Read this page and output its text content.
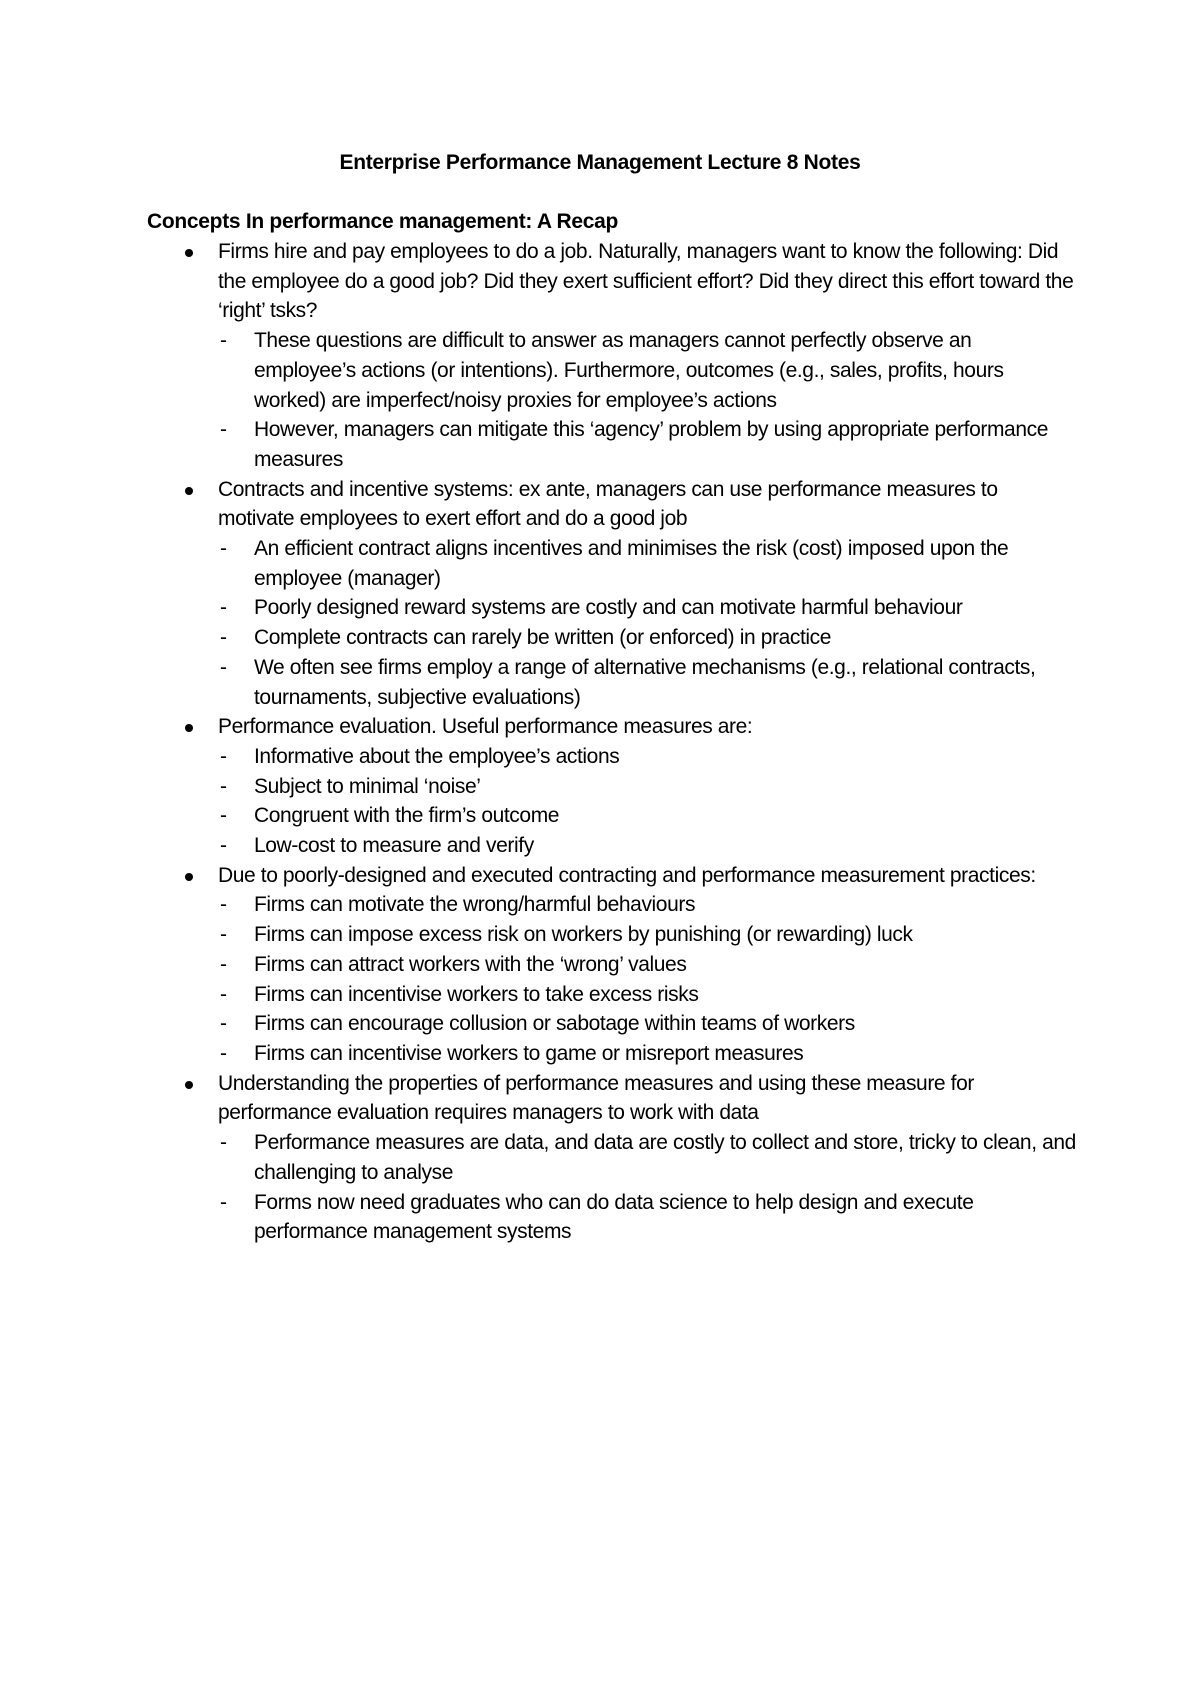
Enterprise Performance Management Lecture 8 Notes

Concepts In performance management: A Recap

Firms hire and pay employees to do a job. Naturally, managers want to know the following: Did the employee do a good job? Did they exert sufficient effort? Did they direct this effort toward the ‘right’ tsks?
- These questions are difficult to answer as managers cannot perfectly observe an employee’s actions (or intentions). Furthermore, outcomes (e.g., sales, profits, hours worked) are imperfect/noisy proxies for employee’s actions
- However, managers can mitigate this ‘agency’ problem by using appropriate performance measures
Contracts and incentive systems: ex ante, managers can use performance measures to motivate employees to exert effort and do a good job
- An efficient contract aligns incentives and minimises the risk (cost) imposed upon the employee (manager)
- Poorly designed reward systems are costly and can motivate harmful behaviour
- Complete contracts can rarely be written (or enforced) in practice
- We often see firms employ a range of alternative mechanisms (e.g., relational contracts, tournaments, subjective evaluations)
Performance evaluation. Useful performance measures are:
- Informative about the employee’s actions
- Subject to minimal ‘noise’
- Congruent with the firm’s outcome
- Low-cost to measure and verify
Due to poorly-designed and executed contracting and performance measurement practices:
- Firms can motivate the wrong/harmful behaviours
- Firms can impose excess risk on workers by punishing (or rewarding) luck
- Firms can attract workers with the ‘wrong’ values
- Firms can incentivise workers to take excess risks
- Firms can encourage collusion or sabotage within teams of workers
- Firms can incentivise workers to game or misreport measures
Understanding the properties of performance measures and using these measure for performance evaluation requires managers to work with data
- Performance measures are data, and data are costly to collect and store, tricky to clean, and challenging to analyse
- Forms now need graduates who can do data science to help design and execute performance management systems
